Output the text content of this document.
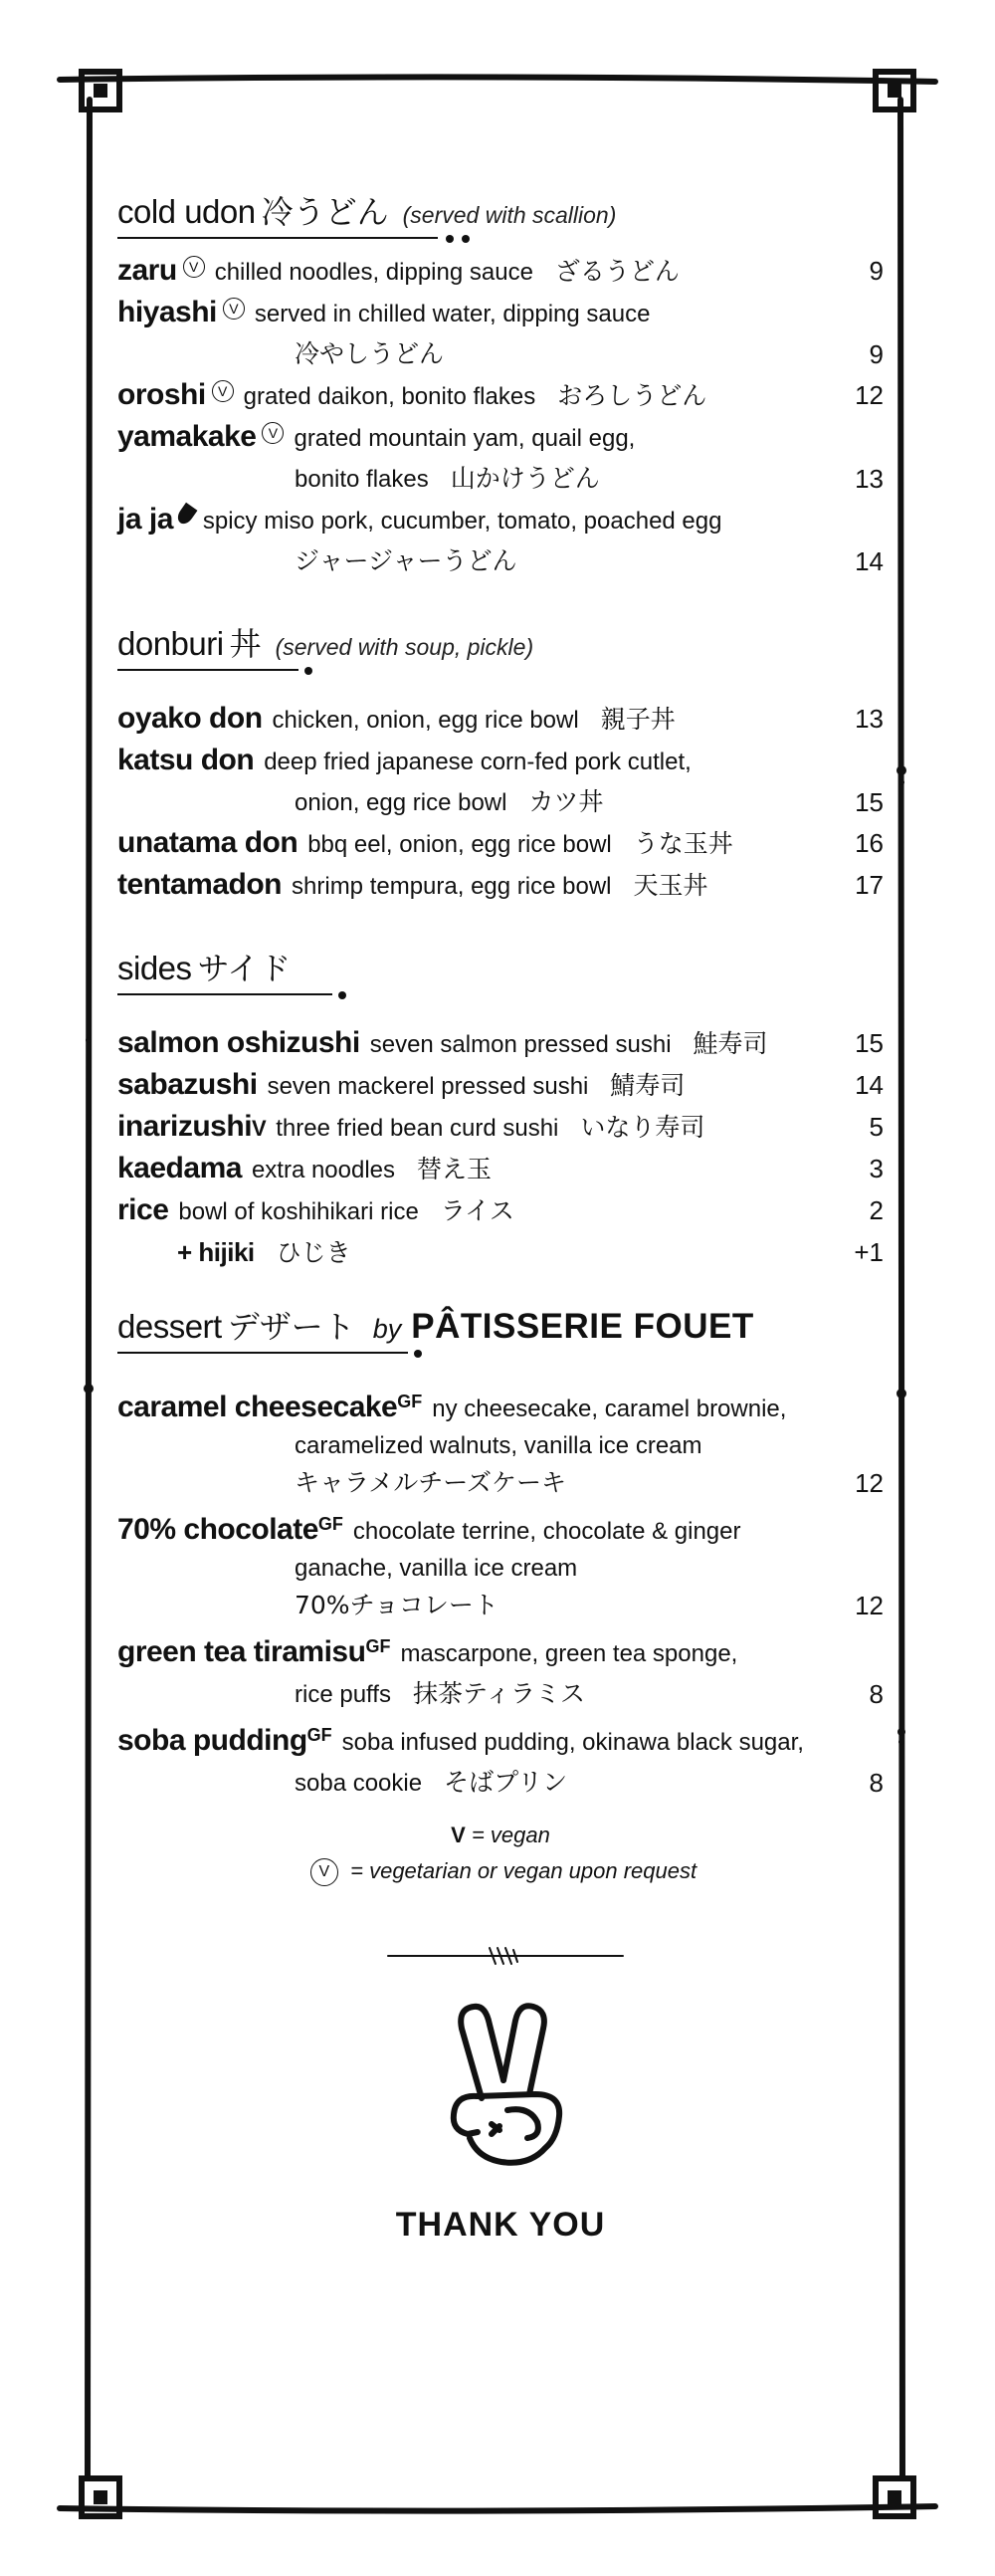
cold udon 冷うどん (served with scallion)
zaru V chilled noodles, dipping sauce ざるうどん	9
hiyashi V served in chilled water, dipping sauce
冷やしうどん	9
oroshi V grated daikon, bonito flakes おろしうどん	12
yamakake V grated mountain yam, quail egg,
bonito flakes 山かけうどん	13
ja ja spicy miso pork, cucumber, tomato, poached egg
ジャージャーうどん	14
donburi 丼 (served with soup, pickle)
oyako don chicken, onion, egg rice bowl 親子丼	13
katsu don deep fried japanese corn-fed pork cutlet,
onion, egg rice bowl カツ丼	15
unatama don bbq eel, onion, egg rice bowl うな玉丼	16
tentamadon shrimp tempura, egg rice bowl 天玉丼	17
sides サイド
salmon oshizushi seven salmon pressed sushi 鮭寿司	15
sabazushi seven mackerel pressed sushi 鯖寿司	14
inarizushiV three fried bean curd sushi いなり寿司	5
kaedama extra noodles 替え玉	3
rice bowl of koshihikari rice ライス	2
+ hijiki ひじき	+1
dessert デザート by PÂTISSERIE FOUET
caramel cheesecake$^{GF}$ ny cheesecake, caramel brownie,
caramelized walnuts, vanilla ice cream
キャラメルチーズケーキ	12
70% chocolate$^{GF}$ chocolate terrine, chocolate & ginger
ganache, vanilla ice cream
70%チョコレート	12
green tea tiramisu$^{GF}$ mascarpone, green tea sponge,
rice puffs 抹茶ティラミス	8
soba pudding$^{GF}$ soba infused pudding, okinawa black sugar,
soba cookie そばプリン	8
V = vegan
V = vegetarian or vegan upon request
THANK YOU
